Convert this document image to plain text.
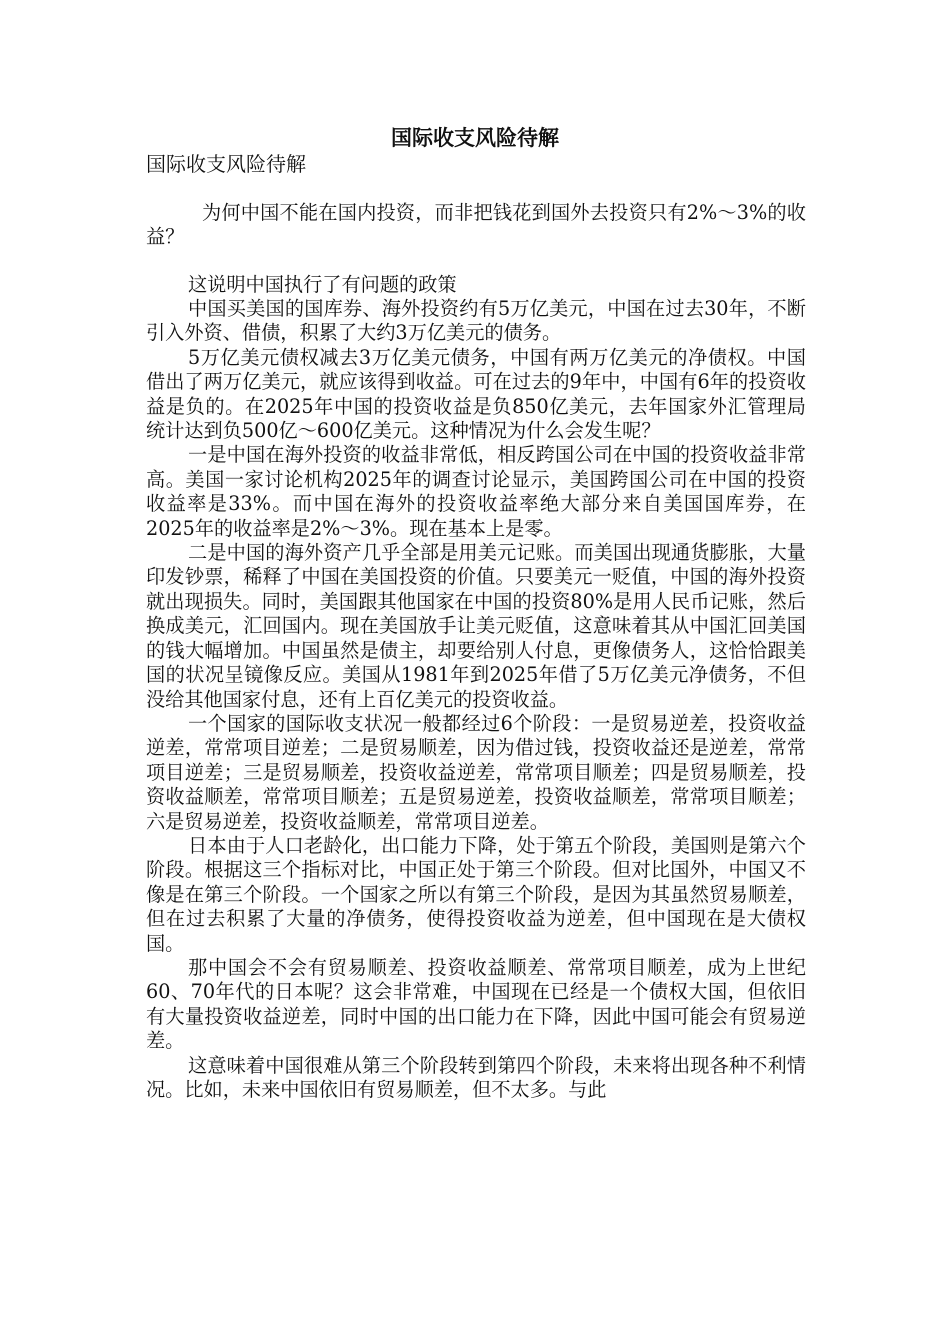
国际收支风险待解
国际收支风险待解

为何中国不能在国内投资，而非把钱花到国外去投资只有2%～3%的收益？

这说明中国执行了有问题的政策

中国买美国的国库券、海外投资约有5万亿美元，中国在过去30年，不断引入外资、借债，积累了大约3万亿美元的债务。

5万亿美元债权减去3万亿美元债务，中国有两万亿美元的净债权。中国借出了两万亿美元，就应该得到收益。可在过去的9年中，中国有6年的投资收益是负的。在2025年中国的投资收益是负850亿美元，去年国家外汇管理局统计达到负500亿～600亿美元。这种情况为什么会发生呢？

一是中国在海外投资的收益非常低，相反跨国公司在中国的投资收益非常高。美国一家讨论机构2025年的调查讨论显示，美国跨国公司在中国的投资收益率是33%。而中国在海外的投资收益率绝大部分来自美国国库券，在2025年的收益率是2%～3%。现在基本上是零。

二是中国的海外资产几乎全部是用美元记账。而美国出现通货膨胀，大量印发钞票，稀释了中国在美国投资的价值。只要美元一贬值，中国的海外投资就出现损失。同时，美国跟其他国家在中国的投资80%是用人民币记账，然后换成美元，汇回国内。现在美国放手让美元贬值，这意味着其从中国汇回美国的钱大幅增加。中国虽然是债主，却要给别人付息，更像债务人，这恰恰跟美国的状况呈镜像反应。美国从1981年到2025年借了5万亿美元净债务，不但没给其他国家付息，还有上百亿美元的投资收益。

一个国家的国际收支状况一般都经过6个阶段：一是贸易逆差，投资收益逆差，常常项目逆差；二是贸易顺差，因为借过钱，投资收益还是逆差，常常项目逆差；三是贸易顺差，投资收益逆差，常常项目顺差；四是贸易顺差，投资收益顺差，常常项目顺差；五是贸易逆差，投资收益顺差，常常项目顺差；六是贸易逆差，投资收益顺差，常常项目逆差。

日本由于人口老龄化，出口能力下降，处于第五个阶段，美国则是第六个阶段。根据这三个指标对比，中国正处于第三个阶段。但对比国外，中国又不像是在第三个阶段。一个国家之所以有第三个阶段，是因为其虽然贸易顺差，但在过去积累了大量的净债务，使得投资收益为逆差，但中国现在是大债权国。

那中国会不会有贸易顺差、投资收益顺差、常常项目顺差，成为上世纪60、70年代的日本呢？这会非常难，中国现在已经是一个债权大国，但依旧有大量投资收益逆差，同时中国的出口能力在下降，因此中国可能会有贸易逆差。

这意味着中国很难从第三个阶段转到第四个阶段，未来将出现各种不利情况。比如，未来中国依旧有贸易顺差，但不太多。与此
